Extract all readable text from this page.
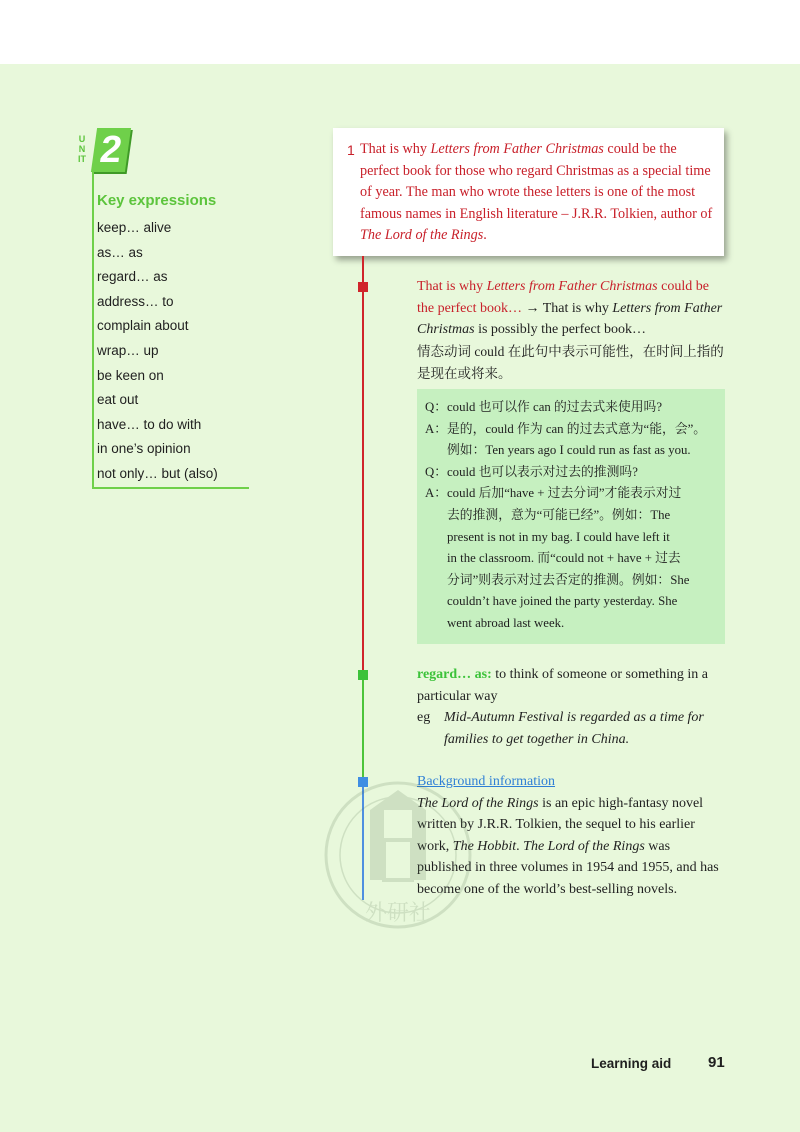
UNIT 2
Key expressions
keep… alive
as… as
regard… as
address… to
complain about
wrap… up
be keen on
eat out
have… to do with
in one’s opinion
not only… but (also)
1 That is why Letters from Father Christmas could be the perfect book for those who regard Christmas as a special time of year. The man who wrote these letters is one of the most famous names in English literature – J.R.R. Tolkien, author of The Lord of the Rings.
That is why Letters from Father Christmas could be the perfect book… → That is why Letters from Father Christmas is possibly the perfect book…
情态动词 could 在此句中表示可能性，在时间上指的是现在或将来。
Q：could 也可以作 can 的过去式来使用吗?
A：是的，could 作为 can 的过去式意为“能，会”。
例如：Ten years ago I could run as fast as you.
Q：could 也可以表示对过去的推测吗?
A：could 后加“have + 过去分词”才能表示对过
去的推测，意为“可能已经”。例如：The
present is not in my bag. I could have left it
in the classroom. 而“could not + have + 过去
分词”则表示对过去否定的推测。例如：She
couldn’t have joined the party yesterday. She
went abroad last week.
regard… as: to think of someone or something in a particular way
eg Mid-Autumn Festival is regarded as a time for families to get together in China.
Background information
The Lord of the Rings is an epic high-fantasy novel written by J.R.R. Tolkien, the sequel to his earlier work, The Hobbit. The Lord of the Rings was published in three volumes in 1954 and 1955, and has become one of the world’s best-selling novels.
外研社
Learning aid 91
